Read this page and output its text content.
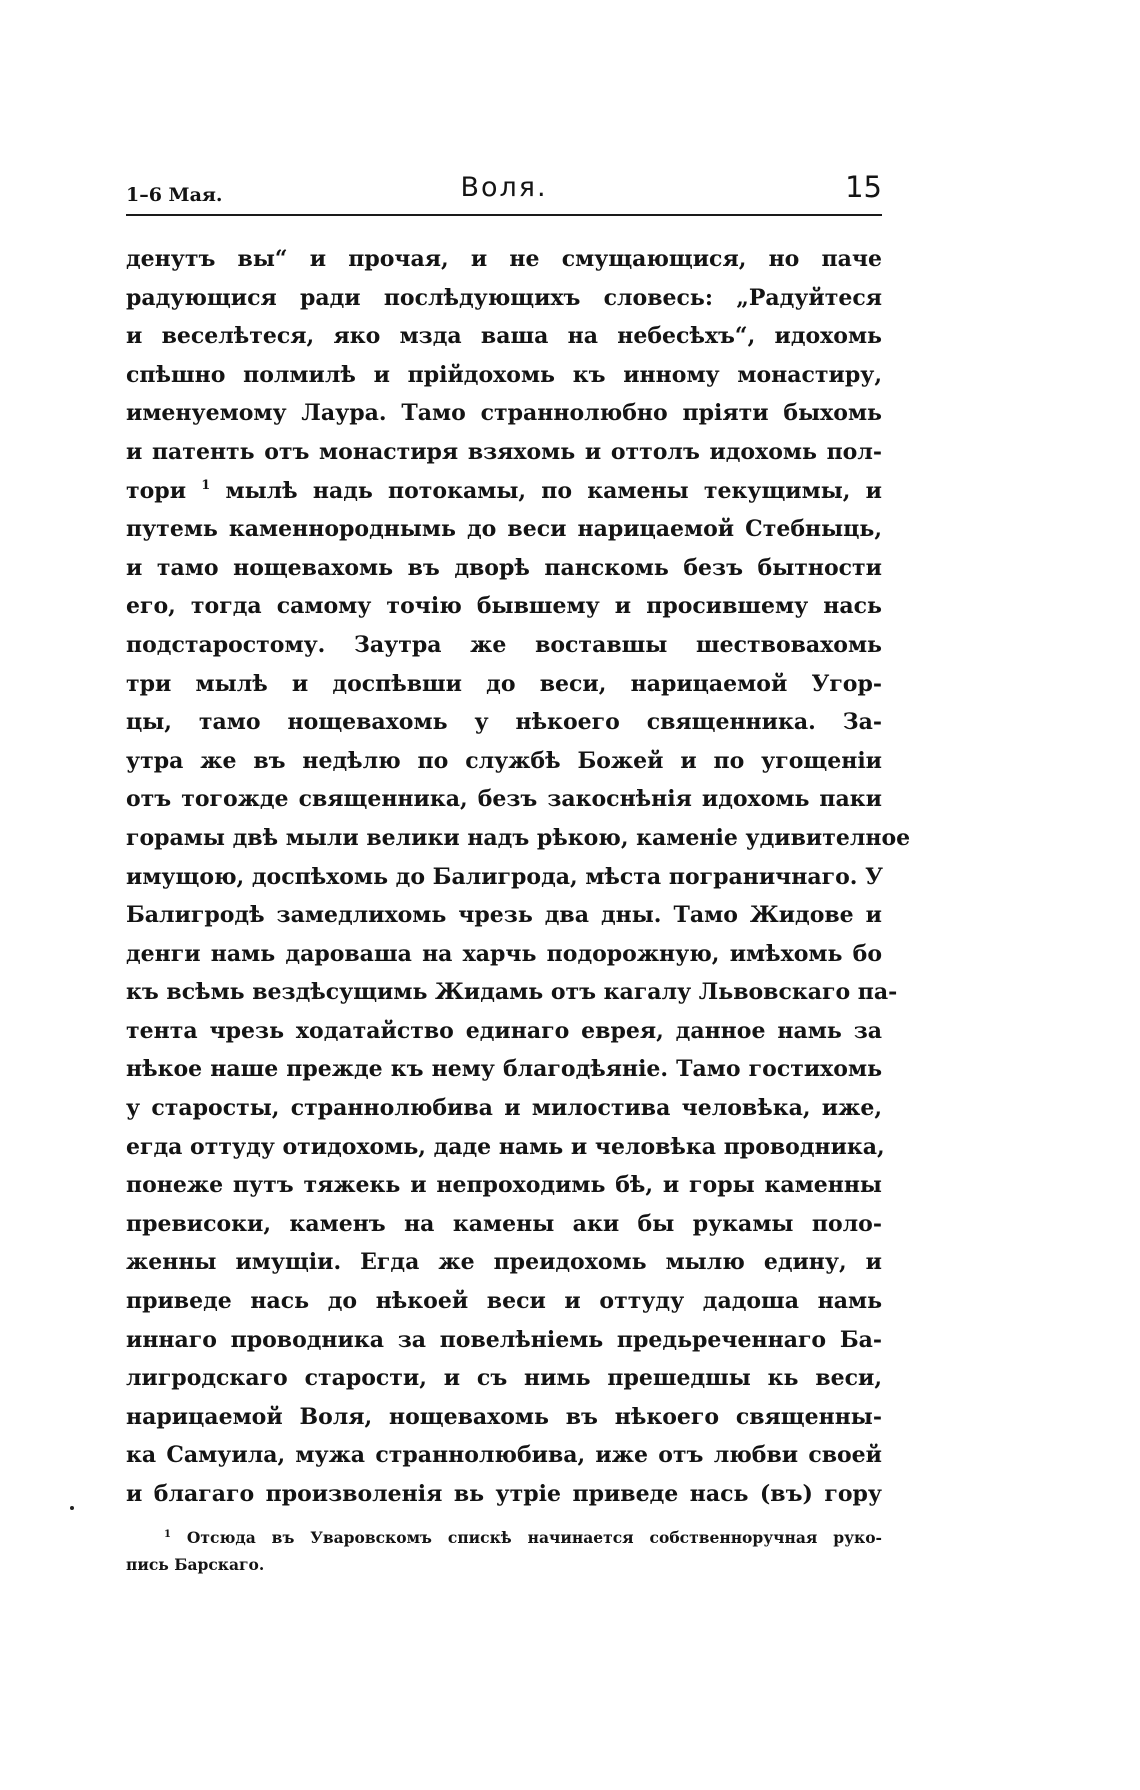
1–6 Мая.	Воля.	15
денутъ вы“ и прочая, и не смущающися, но паче
радующися ради послѣдующихъ словесь: „Радуйтеся
и веселѣтеся, яко мзда ваша на небесѣхъ“, идохомь
спѣшно полмилѣ и прійдохомь къ инному монастиру,
именуемому Лаура. Тамо страннолюбно пріяти быхомь
и патенть отъ монастиря взяхомь и оттолъ идохомь пол-
тори $^1$ мылѣ надь потокамы, по камены текущимы, и
путемь каменнороднымь до веси нарицаемой Стебныць,
и тамо нощевахомь въ дворѣ панскомь безъ бытности
его, тогда самому точію бывшему и просившему нась
подстаростому. Заутра же воставшы шествовахомь
три мылѣ и доспѣвши до веси, нарицаемой Угор-
цы, тамо нощевахомь у нѣкоего священника. За-
утра же въ недѣлю по службѣ Божей и по угощеніи
отъ тогожде священника, безъ закоснѣнія идохомь паки
горамы двѣ мыли велики надъ рѣкою, каменіе удивителное
имущою, доспѣхомь до Балигрода, мѣста пограничнаго. У
Балигродѣ замедлихомь чрезь два дны. Тамо Жидове и
денги намь дароваша на харчь подорожную, имѣхомь бо
къ всѣмь вездѣсущимь Жидамь отъ кагалу Львовскаго па-
тента чрезь ходатайство единаго еврея, данное намь за
нѣкое наше прежде къ нему благодѣяніе. Тамо гостихомь
у старосты, страннолюбива и милостива человѣка, иже,
егда оттуду отидохомь, даде намь и человѣка проводника,
понеже путъ тяжекь и непроходимь бѣ, и горы каменны
превисоки, каменъ на камены аки бы рукамы поло-
женны имущіи. Егда же преидохомь мылю едину, и
приведе нась до нѣкоей веси и оттуду дадоша намь
иннаго проводника за повелѣніемь предьреченнаго Ба-
лигродскаго старости, и съ нимь прешедшы кь веси,
нарицаемой Воля, нощевахомь въ нѣкоего священны-
ка Самуила, мужа страннолюбива, иже отъ любви своей
и благаго произволенія вь утріе приведе нась (въ) гору
$^1$ Отсюда въ Уваровскомъ спискѣ начинается собственноручная руко-
пись Барскаго.
